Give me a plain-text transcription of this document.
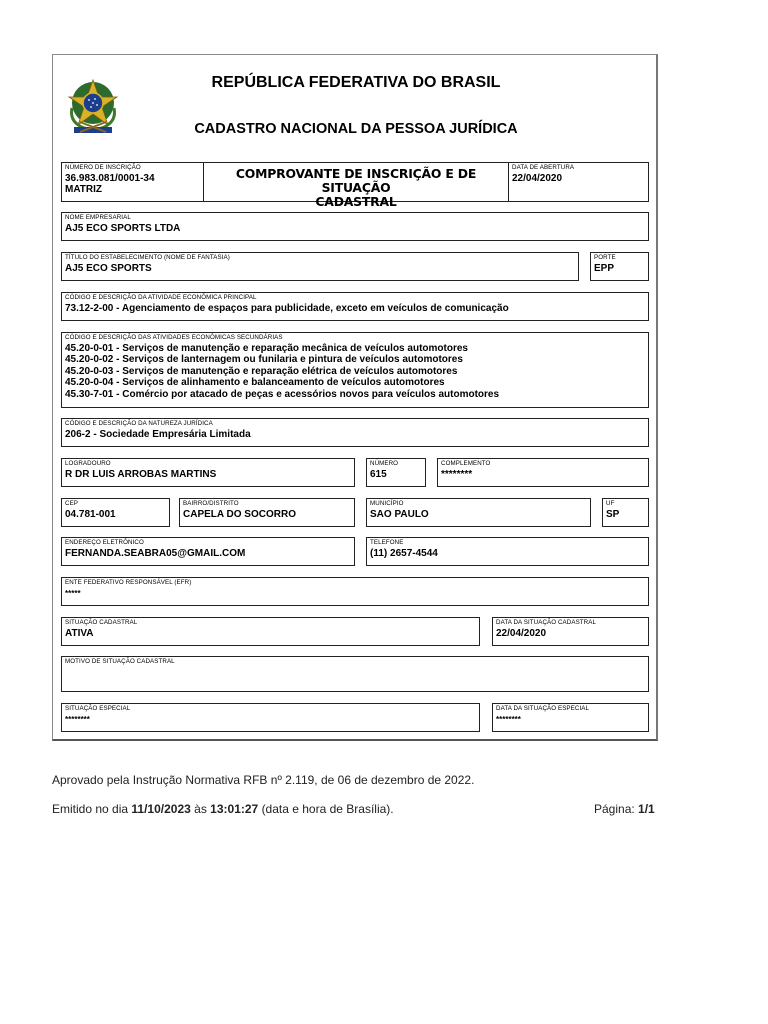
REPÚBLICA FEDERATIVA DO BRASIL
CADASTRO NACIONAL DA PESSOA JURÍDICA
NÚMERO DE INSCRIÇÃO
36.983.081/0001-34
MATRIZ
COMPROVANTE DE INSCRIÇÃO E DE SITUAÇÃO
CADASTRAL
DATA DE ABERTURA
22/04/2020
NOME EMPRESARIAL
AJ5 ECO SPORTS LTDA
TÍTULO DO ESTABELECIMENTO (NOME DE FANTASIA)
AJ5 ECO SPORTS
PORTE
EPP
CÓDIGO E DESCRIÇÃO DA ATIVIDADE ECONÔMICA PRINCIPAL
73.12-2-00 - Agenciamento de espaços para publicidade, exceto em veículos de comunicação
CÓDIGO E DESCRIÇÃO DAS ATIVIDADES ECONÔMICAS SECUNDÁRIAS
45.20-0-01 - Serviços de manutenção e reparação mecânica de veículos automotores
45.20-0-02 - Serviços de lanternagem ou funilaria e pintura de veículos automotores
45.20-0-03 - Serviços de manutenção e reparação elétrica de veículos automotores
45.20-0-04 - Serviços de alinhamento e balanceamento de veículos automotores
45.30-7-01 - Comércio por atacado de peças e acessórios novos para veículos automotores
CÓDIGO E DESCRIÇÃO DA NATUREZA JURÍDICA
206-2 - Sociedade Empresária Limitada
LOGRADOURO
R DR LUIS ARROBAS MARTINS
NÚMERO
615
COMPLEMENTO
********
CEP
04.781-001
BAIRRO/DISTRITO
CAPELA DO SOCORRO
MUNICÍPIO
SAO PAULO
UF
SP
ENDEREÇO ELETRÔNICO
FERNANDA.SEABRA05@GMAIL.COM
TELEFONE
(11) 2657-4544
ENTE FEDERATIVO RESPONSÁVEL (EFR)
*****
SITUAÇÃO CADASTRAL
ATIVA
DATA DA SITUAÇÃO CADASTRAL
22/04/2020
MOTIVO DE SITUAÇÃO CADASTRAL
SITUAÇÃO ESPECIAL
********
DATA DA SITUAÇÃO ESPECIAL
********
Aprovado pela Instrução Normativa RFB nº 2.119, de 06 de dezembro de 2022.
Emitido no dia 11/10/2023 às 13:01:27 (data e hora de Brasília).	Página: 1/1
